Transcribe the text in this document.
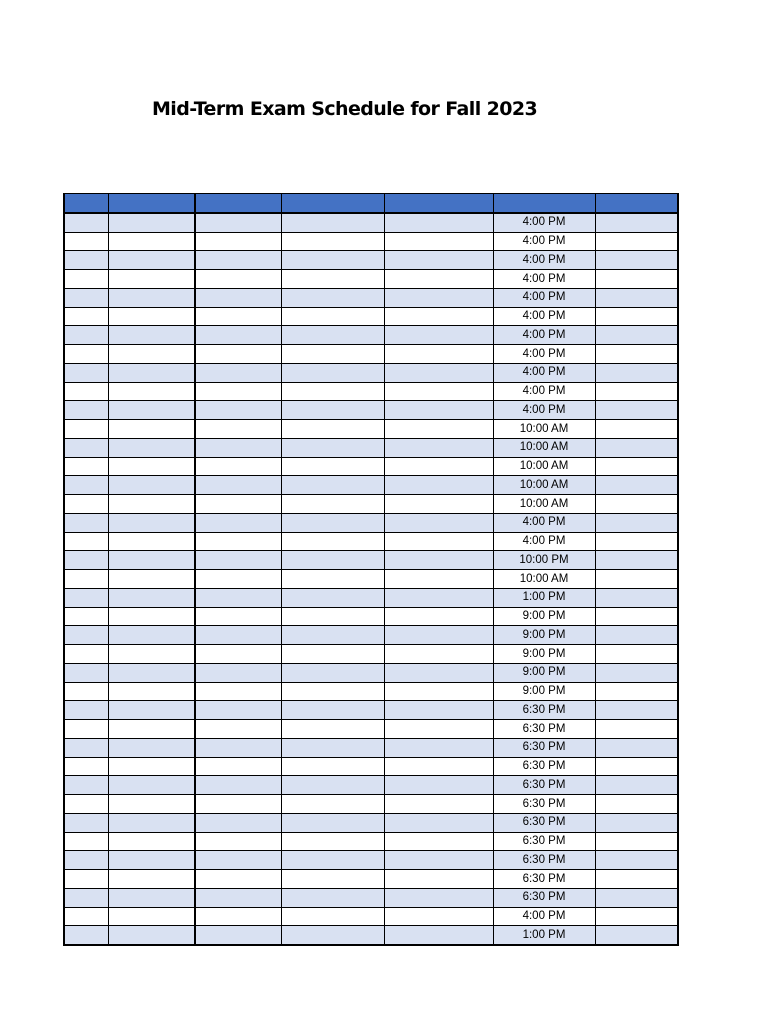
Mid-Term Exam Schedule for Fall 2023

					4:00 PM	
					4:00 PM	
					4:00 PM	
					4:00 PM	
					4:00 PM	
					4:00 PM	
					4:00 PM	
					4:00 PM	
					4:00 PM	
					4:00 PM	
					4:00 PM	
					10:00 AM	
					10:00 AM	
					10:00 AM	
					10:00 AM	
					10:00 AM	
					4:00 PM	
					4:00 PM	
					10:00 PM	
					10:00 AM	
					1:00 PM	
					9:00 PM	
					9:00 PM	
					9:00 PM	
					9:00 PM	
					9:00 PM	
					6:30 PM	
					6:30 PM	
					6:30 PM	
					6:30 PM	
					6:30 PM	
					6:30 PM	
					6:30 PM	
					6:30 PM	
					6:30 PM	
					6:30 PM	
					6:30 PM	
					4:00 PM	
					1:00 PM	
